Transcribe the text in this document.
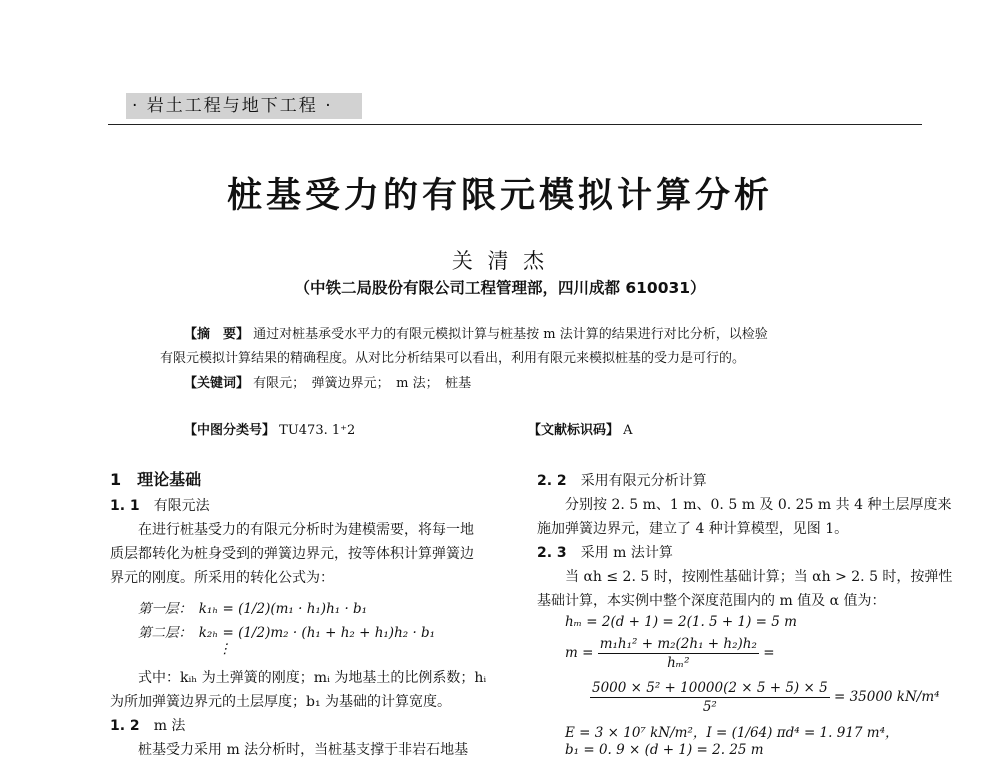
· 岩土工程与地下工程 ·
桩基受力的有限元模拟计算分析
关 清 杰
（中铁二局股份有限公司工程管理部，四川成都 610031）
【摘　要】 通过对桩基承受水平力的有限元模拟计算与桩基按 m 法计算的结果进行对比分析，以检验
有限元模拟计算结果的精确程度。从对比分析结果可以看出，利用有限元来模拟桩基的受力是可行的。
【关键词】 有限元；　弹簧边界元；　m 法；　桩基
【中图分类号】 TU473. 1⁺2	【文献标识码】 A
1　理论基础
1. 1 有限元法
在进行桩基受力的有限元分析时为建模需要，将每一地
质层都转化为桩身受到的弹簧边界元，按等体积计算弹簧边
界元的刚度。所采用的转化公式为：
第一层：　k₁ₕ = (1/2)(m₁ · h₁)h₁ · b₁
第二层：　k₂ₕ = (1/2)m₂ · (h₁ + h₂ + h₁)h₂ · b₁
⋮
式中：kᵢₕ 为土弹簧的刚度；mᵢ 为地基土的比例系数；hᵢ
为所加弹簧边界元的土层厚度；b₁ 为基础的计算宽度。
1. 2 m 法
桩基受力采用 m 法分析时，当桩基支撑于非岩石地基
2. 2 采用有限元分析计算
分别按 2. 5 m、1 m、0. 5 m 及 0. 25 m 共 4 种土层厚度来
施加弹簧边界元，建立了 4 种计算模型，见图 1。
2. 3 采用 m 法计算
当 αh ≤ 2. 5 时，按刚性基础计算；当 αh > 2. 5 时，按弹性
基础计算，本实例中整个深度范围内的 m 值及 α 值为：
hₘ = 2(d + 1) = 2(1. 5 + 1) = 5 m
$m = \frac{\text{m₁h₁² + m₂(2h₁ + h₂)h₂}}{\text{hₘ²}}$ =
$\frac{\text{5000 × 5² + 10000(2 × 5 + 5) × 5}}{\text{5²}} = 35000$ kN/m⁴
E = 3 × 10⁷ kN/m²，I = (1/64) πd⁴ = 1. 917 m⁴，
b₁ = 0. 9 × (d + 1) = 2. 25 m
